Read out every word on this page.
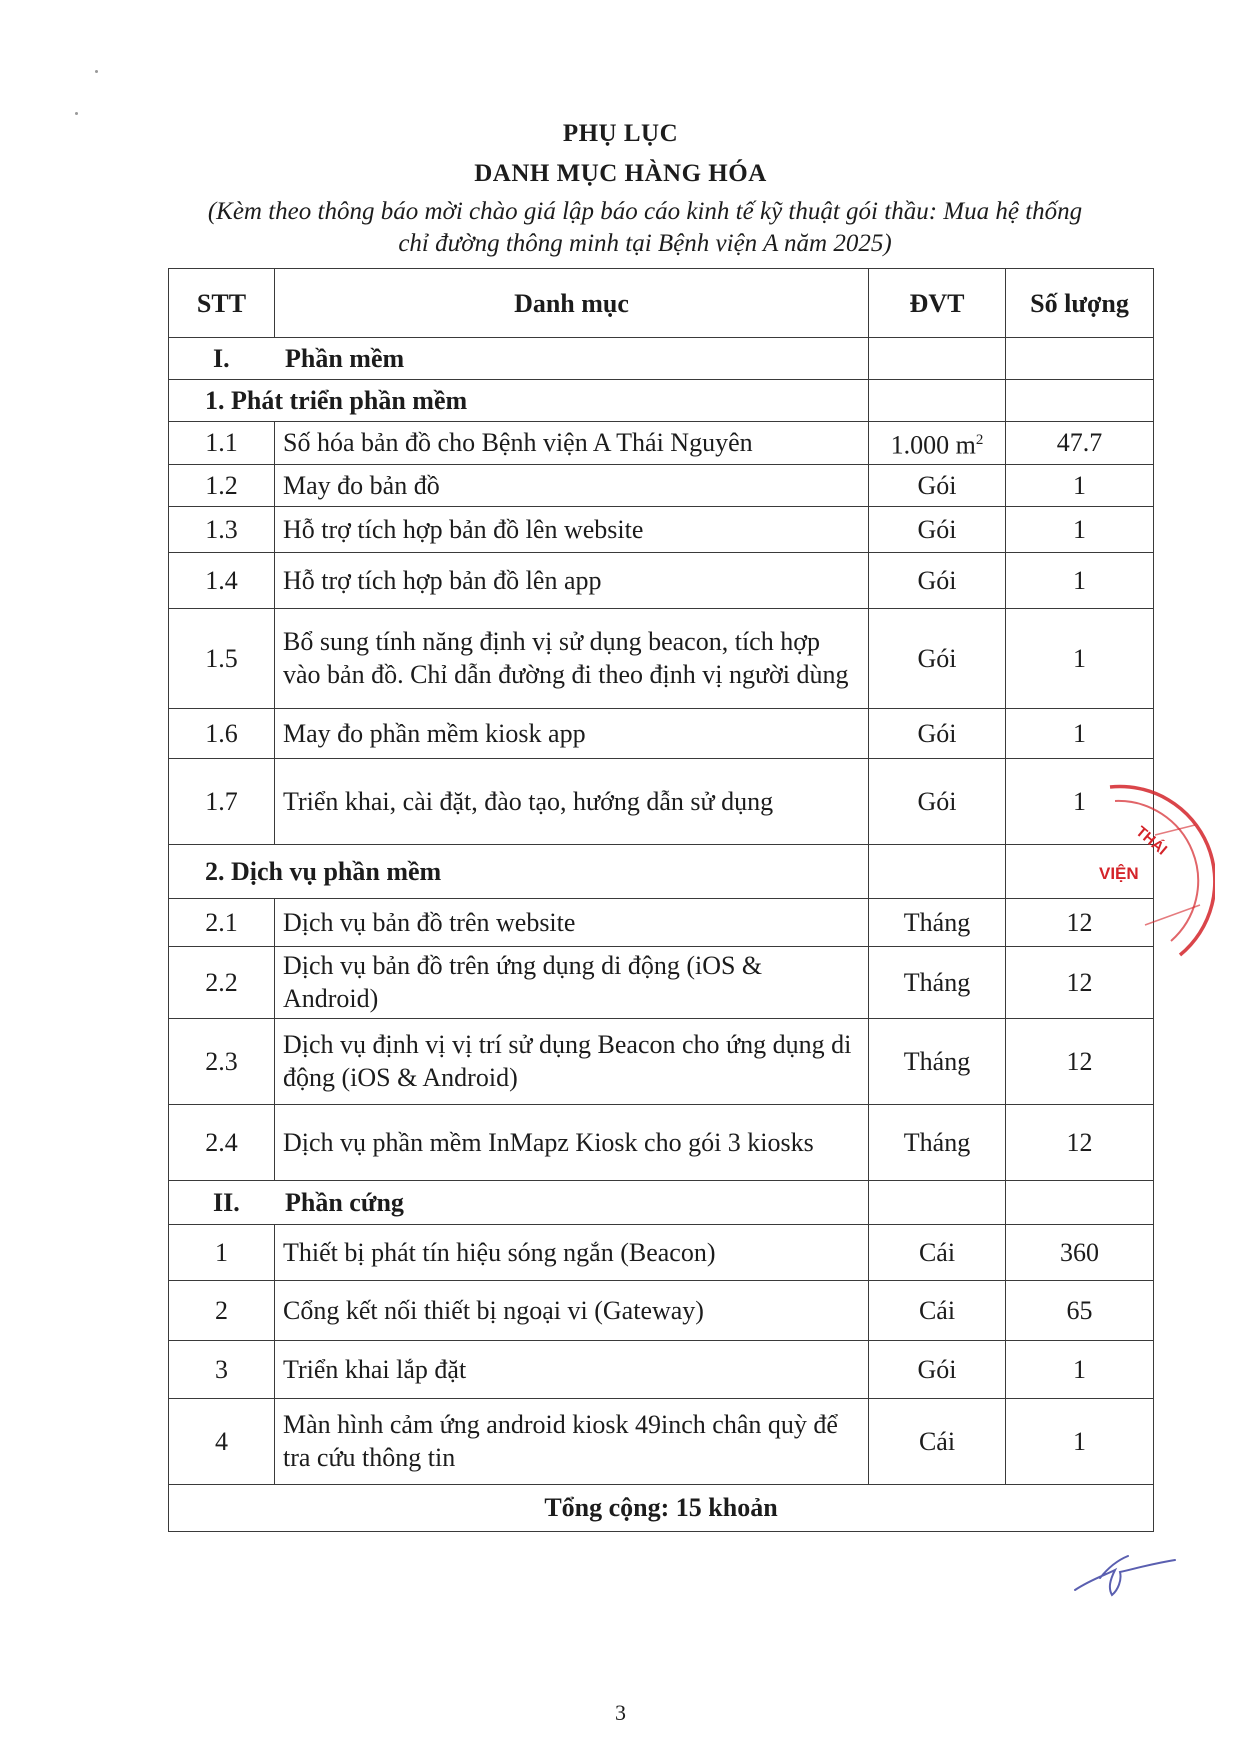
PHỤ LỤC
DANH MỤC HÀNG HÓA
(Kèm theo thông báo mời chào giá lập báo cáo kinh tế kỹ thuật gói thầu: Mua hệ thống
chỉ đường thông minh tại Bệnh viện A năm 2025)
STT	Danh mục	ĐVT	Số lượng
I. Phần mềm			
1. Phát triển phần mềm			
1.1	Số hóa bản đồ cho Bệnh viện A Thái Nguyên	1.000 $m^2$	47.7
1.2	May đo bản đồ	Gói	1
1.3	Hỗ trợ tích hợp bản đồ lên website	Gói	1
1.4	Hỗ trợ tích hợp bản đồ lên app	Gói	1
1.5	Bổ sung tính năng định vị sử dụng beacon, tích hợp vào bản đồ. Chỉ dẫn đường đi theo định vị người dùng	Gói	1
1.6	May đo phần mềm kiosk app	Gói	1
1.7	Triển khai, cài đặt, đào tạo, hướng dẫn sử dụng	Gói	1
2. Dịch vụ phần mềm			
2.1	Dịch vụ bản đồ trên website	Tháng	12
2.2	Dịch vụ bản đồ trên ứng dụng di động (iOS & Android)	Tháng	12
2.3	Dịch vụ định vị vị trí sử dụng Beacon cho ứng dụng di động (iOS & Android)	Tháng	12
2.4	Dịch vụ phần mềm InMapz Kiosk cho gói 3 kiosks	Tháng	12
II. Phần cứng			
1	Thiết bị phát tín hiệu sóng ngắn (Beacon)	Cái	360
2	Cổng kết nối thiết bị ngoại vi (Gateway)	Cái	65
3	Triển khai lắp đặt	Gói	1
4	Màn hình cảm ứng android kiosk 49inch chân quỳ để tra cứu thông tin	Cái	1
Tổng cộng: 15 khoản			
THÁI
VIỆN
3
